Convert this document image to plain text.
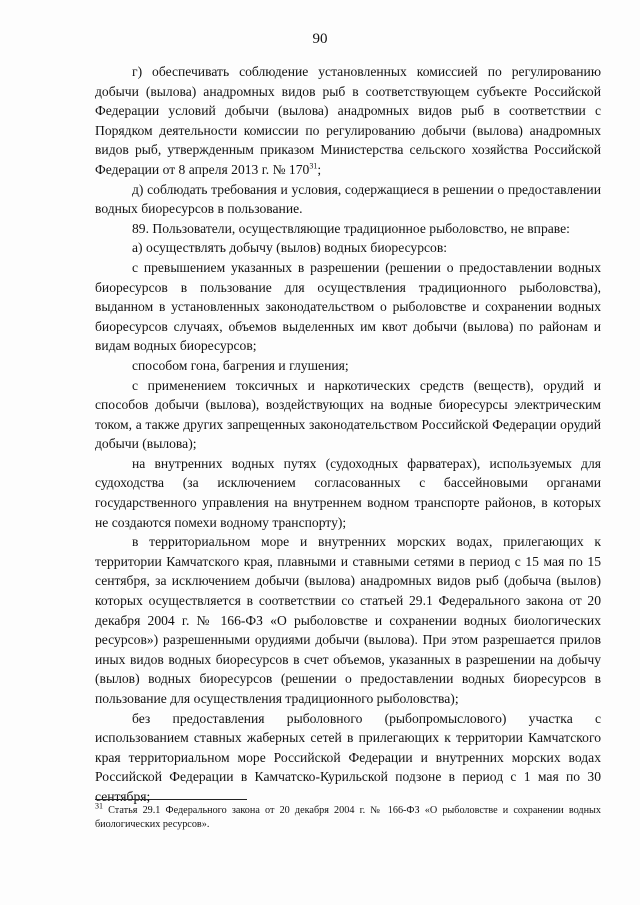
90

г) обеспечивать соблюдение установленных комиссией по регулированию добычи (вылова) анадромных видов рыб в соответствующем субъекте Российской Федерации условий добычи (вылова) анадромных видов рыб в соответствии с Порядком деятельности комиссии по регулированию добычи (вылова) анадромных видов рыб, утвержденным приказом Министерства сельского хозяйства Российской Федерации от 8 апреля 2013 г. № $170^{31}$;

д) соблюдать требования и условия, содержащиеся в решении о предоставлении водных биоресурсов в пользование.

89. Пользователи, осуществляющие традиционное рыболовство, не вправе:

а) осуществлять добычу (вылов) водных биоресурсов:

с превышением указанных в разрешении (решении о предоставлении водных биоресурсов в пользование для осуществления традиционного рыболовства), выданном в установленных законодательством о рыболовстве и сохранении водных биоресурсов случаях, объемов выделенных им квот добычи (вылова) по районам и видам водных биоресурсов;

способом гона, багрения и глушения;

с применением токсичных и наркотических средств (веществ), орудий и способов добычи (вылова), воздействующих на водные биоресурсы электрическим током, а также других запрещенных законодательством Российской Федерации орудий добычи (вылова);

на внутренних водных путях (судоходных фарватерах), используемых для судоходства (за исключением согласованных с бассейновыми органами государственного управления на внутреннем водном транспорте районов, в которых не создаются помехи водному транспорту);

в территориальном море и внутренних морских водах, прилегающих к территории Камчатского края, плавными и ставными сетями в период с 15 мая по 15 сентября, за исключением добычи (вылова) анадромных видов рыб (добыча (вылов) которых осуществляется в соответствии со статьей 29.1 Федерального закона от 20 декабря 2004 г. № 166-ФЗ «О рыболовстве и сохранении водных биологических ресурсов») разрешенными орудиями добычи (вылова). При этом разрешается прилов иных видов водных биоресурсов в счет объемов, указанных в разрешении на добычу (вылов) водных биоресурсов (решении о предоставлении водных биоресурсов в пользование для осуществления традиционного рыболовства);

без предоставления рыболовного (рыбопромыслового) участка с использованием ставных жаберных сетей в прилегающих к территории Камчатского края территориальном море Российской Федерации и внутренних морских водах Российской Федерации в Камчатско-Курильской подзоне в период с 1 мая по 30 сентября;

$^{31}$ Статья 29.1 Федерального закона от 20 декабря 2004 г. № 166-ФЗ «О рыболовстве и сохранении водных биологических ресурсов».
